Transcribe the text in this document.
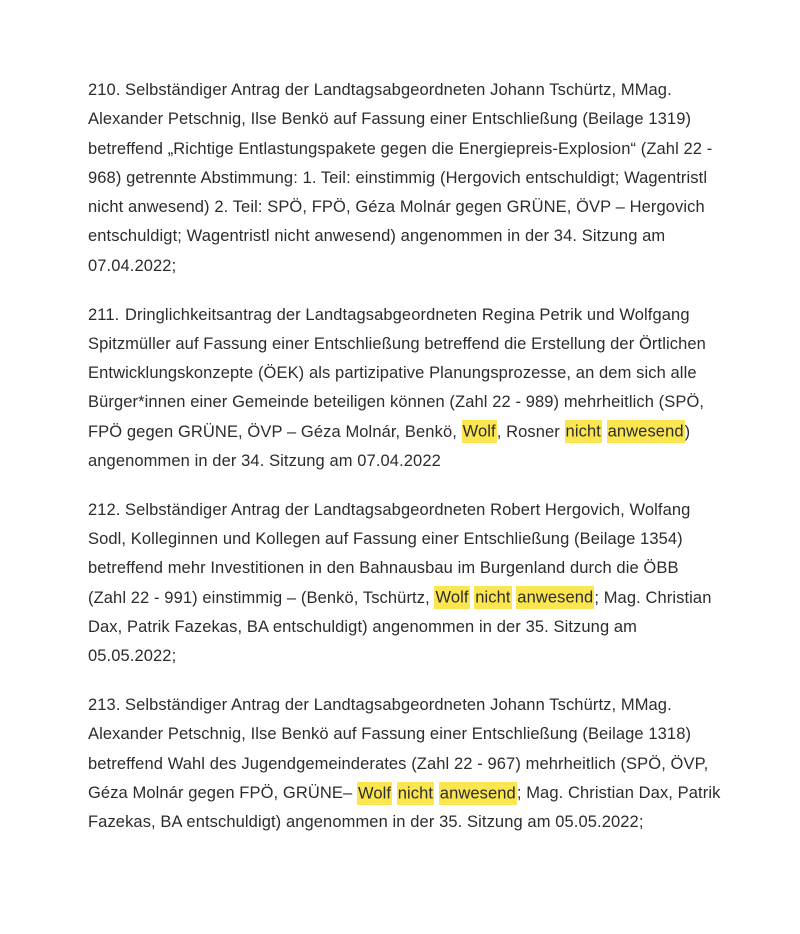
210. Selbständiger Antrag der Landtagsabgeordneten Johann Tschürtz, MMag.
Alexander Petschnig, Ilse Benkö auf Fassung einer Entschließung (Beilage 1319)
betreffend „Richtige Entlastungspakete gegen die Energiepreis-Explosion“ (Zahl 22 -
968) getrennte Abstimmung: 1. Teil: einstimmig (Hergovich entschuldigt; Wagentristl
nicht anwesend) 2. Teil: SPÖ, FPÖ, Géza Molnár gegen GRÜNE, ÖVP – Hergovich
entschuldigt; Wagentristl nicht anwesend) angenommen in der 34. Sitzung am
07.04.2022;

211. Dringlichkeitsantrag der Landtagsabgeordneten Regina Petrik und Wolfgang
Spitzmüller auf Fassung einer Entschließung betreffend die Erstellung der Örtlichen
Entwicklungskonzepte (ÖEK) als partizipative Planungsprozesse, an dem sich alle
Bürger*innen einer Gemeinde beteiligen können (Zahl 22 - 989) mehrheitlich (SPÖ,
FPÖ gegen GRÜNE, ÖVP – Géza Molnár, Benkö, Wolf, Rosner nicht anwesend)
angenommen in der 34. Sitzung am 07.04.2022

212. Selbständiger Antrag der Landtagsabgeordneten Robert Hergovich, Wolfang
Sodl, Kolleginnen und Kollegen auf Fassung einer Entschließung (Beilage 1354)
betreffend mehr Investitionen in den Bahnausbau im Burgenland durch die ÖBB
(Zahl 22 - 991) einstimmig – (Benkö, Tschürtz, Wolf nicht anwesend; Mag. Christian
Dax, Patrik Fazekas, BA entschuldigt) angenommen in der 35. Sitzung am
05.05.2022;

213. Selbständiger Antrag der Landtagsabgeordneten Johann Tschürtz, MMag.
Alexander Petschnig, Ilse Benkö auf Fassung einer Entschließung (Beilage 1318)
betreffend Wahl des Jugendgemeinderates (Zahl 22 - 967) mehrheitlich (SPÖ, ÖVP,
Géza Molnár gegen FPÖ, GRÜNE– Wolf nicht anwesend; Mag. Christian Dax, Patrik
Fazekas, BA entschuldigt) angenommen in der 35. Sitzung am 05.05.2022;
